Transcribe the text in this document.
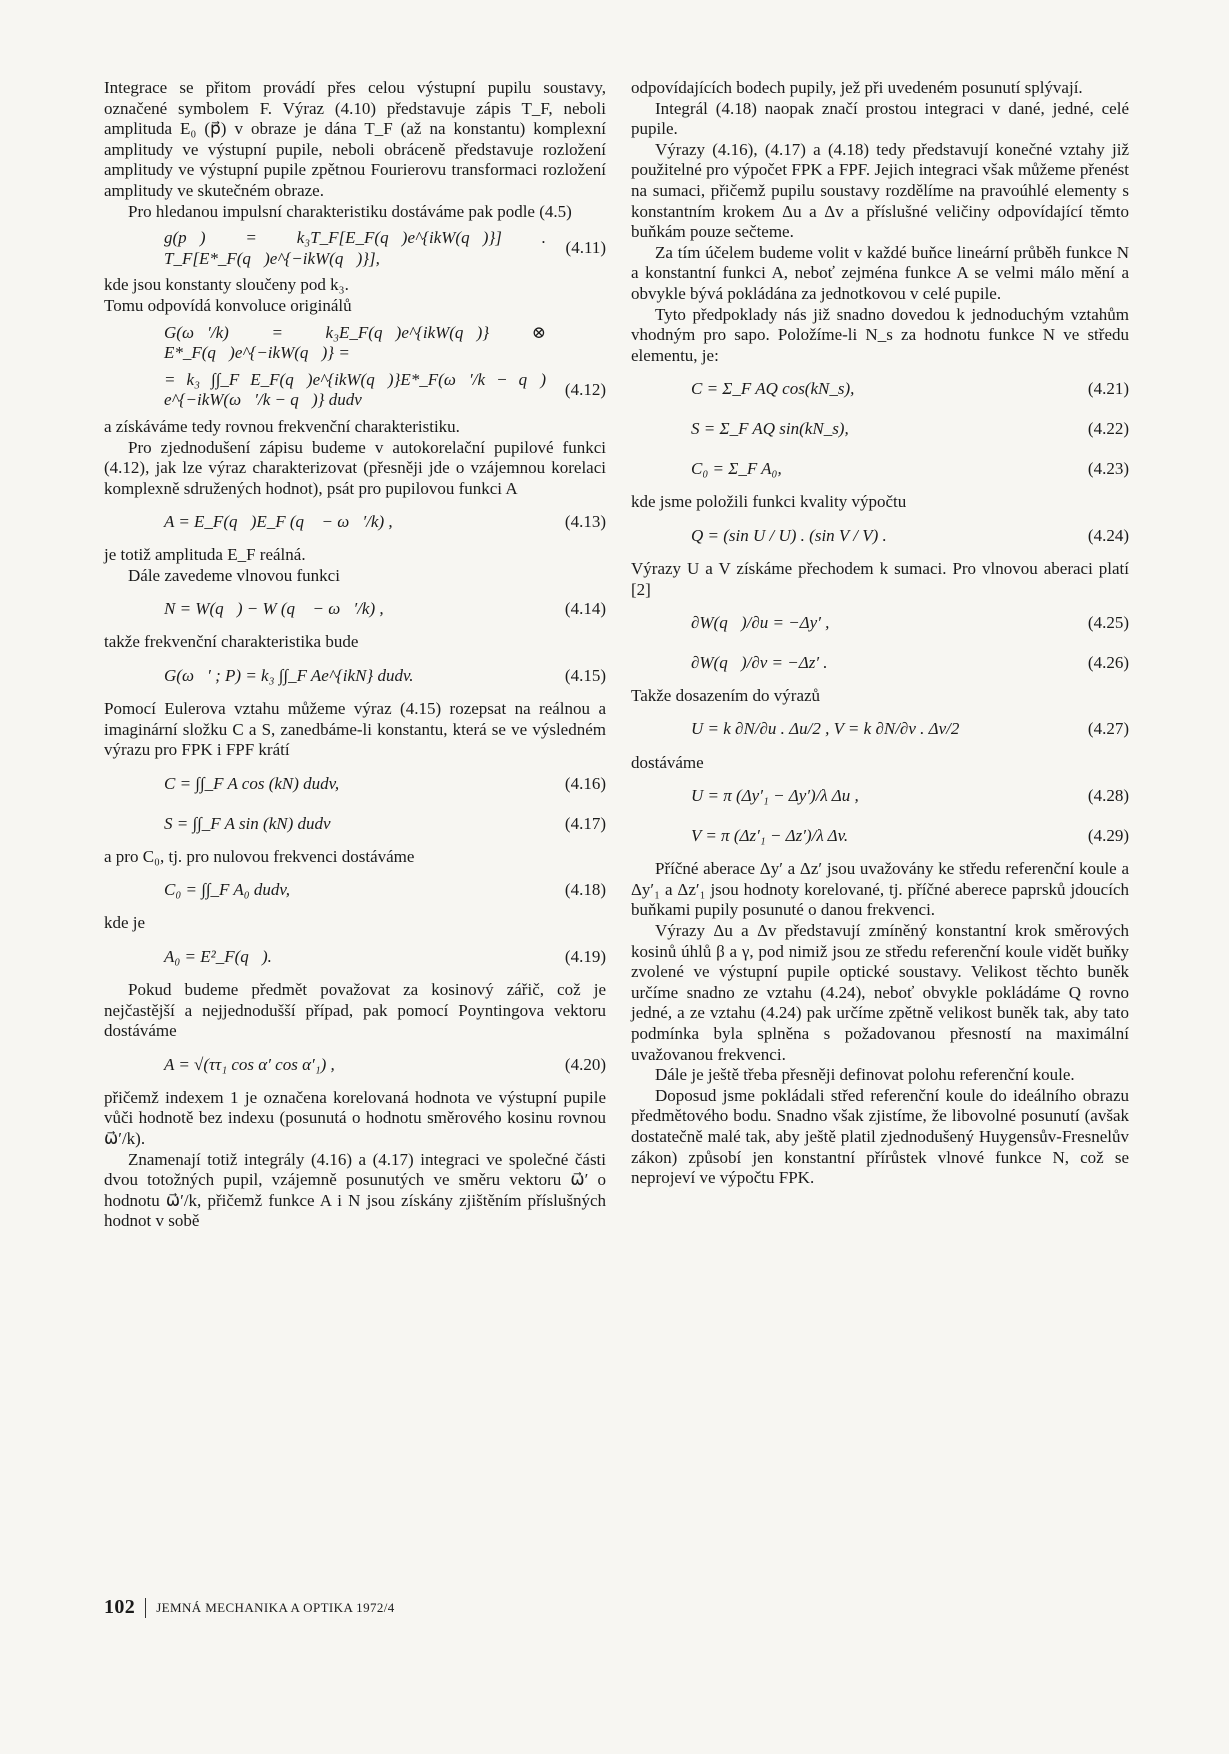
Integrace se přitom provádí přes celou výstupní pupilu soustavy, označené symbolem F. Výraz (4.10) představuje zápis T_F, neboli amplituda E₀ (p⃗) v obraze je dána T_F (až na konstantu) komplexní amplitudy ve výstupní pupile, neboli obráceně představuje rozložení amplitudy ve výstupní pupile zpětnou Fourierovu transformaci rozložení amplitudy ve skutečném obraze.

Pro hledanou impulsní charakteristiku dostáváme pak podle (4.5)

g(p⃗) = k₃T_F[E_F(q⃗)e^{ikW(q⃗)}] . T_F[E*_F(q⃗)e^{−ikW(q⃗)}],
(4.11)

kde jsou konstanty sloučeny pod k₃.

Tomu odpovídá konvoluce originálů

G(ω⃗′/k) = k₃E_F(q⃗)e^{ikW(q⃗)} ⊗ E*_F(q⃗)e^{−ikW(q⃗)} =
= k₃ ∫∫_F E_F(q⃗)e^{ikW(q⃗)}E*_F(ω⃗′/k − q⃗) e^{−ikW(ω⃗′/k − q⃗)} dudv
(4.12)

a získáváme tedy rovnou frekvenční charakteristiku.

Pro zjednodušení zápisu budeme v autokorelační pupilové funkci (4.12), jak lze výraz charakterizovat (přesněji jde o vzájemnou korelaci komplexně sdružených hodnot), psát pro pupilovou funkci A

A = E_F(q⃗)E_F (q⃗ − ω⃗′/k) ,	(4.13)

je totiž amplituda E_F reálná.

Dále zavedeme vlnovou funkci

N = W(q⃗) − W (q⃗ − ω⃗′/k) ,	(4.14)

takže frekvenční charakteristika bude

G(ω⃗′ ; P) = k₃ ∫∫_F Ae^{ikN} dudv.	(4.15)

Pomocí Eulerova vztahu můžeme výraz (4.15) rozepsat na reálnou a imaginární složku C a S, zanedbáme-li konstantu, která se ve výsledném výrazu pro FPK i FPF krátí

C = ∫∫_F A cos (kN) dudv,	(4.16)
S = ∫∫_F A sin (kN) dudv	(4.17)

a pro C₀, tj. pro nulovou frekvenci dostáváme

C₀ = ∫∫_F A₀ dudv,	(4.18)

kde je

A₀ = E²_F(q⃗).	(4.19)

Pokud budeme předmět považovat za kosinový zářič, což je nejčastější a nejjednodušší případ, pak pomocí Poyntingova vektoru dostáváme

A = √(ττ₁ cos α′ cos α′₁) ,	(4.20)

přičemž indexem 1 je označena korelovaná hodnota ve výstupní pupile vůči hodnotě bez indexu (posunutá o hodnotu směrového kosinu rovnou ω⃗′/k).

Znamenají totiž integrály (4.16) a (4.17) integraci ve společné části dvou totožných pupil, vzájemně posunutých ve směru vektoru ω⃗′ o hodnotu ω⃗′/k, přičemž funkce A i N jsou získány zjištěním příslušných hodnot v sobě

odpovídajících bodech pupily, jež při uvedeném posunutí splývají.

Integrál (4.18) naopak značí prostou integraci v dané, jedné, celé pupile.

Výrazy (4.16), (4.17) a (4.18) tedy představují konečné vztahy již použitelné pro výpočet FPK a FPF. Jejich integraci však můžeme přenést na sumaci, přičemž pupilu soustavy rozdělíme na pravoúhlé elementy s konstantním krokem Δu a Δv a příslušné veličiny odpovídající těmto buňkám pouze sečteme.

Za tím účelem budeme volit v každé buňce lineární průběh funkce N a konstantní funkci A, neboť zejména funkce A se velmi málo mění a obvykle bývá pokládána za jednotkovou v celé pupile.

Tyto předpoklady nás již snadno dovedou k jednoduchým vztahům vhodným pro sapo. Položíme-li N_s za hodnotu funkce N ve středu elementu, je:

C = Σ_F AQ cos(kN_s),	(4.21)
S = Σ_F AQ sin(kN_s),	(4.22)
C₀ = Σ_F A₀,	(4.23)

kde jsme položili funkci kvality výpočtu

Q = (sin U / U) . (sin V / V) .	(4.24)

Výrazy U a V získáme přechodem k sumaci. Pro vlnovou aberaci platí [2]

∂W(q⃗)/∂u = −Δy′ ,	(4.25)
∂W(q⃗)/∂v = −Δz′ .	(4.26)

Takže dosazením do výrazů

U = k ∂N/∂u . Δu/2 , V = k ∂N/∂v . Δv/2	(4.27)

dostáváme

U = π (Δy′₁ − Δy′)/λ Δu ,	(4.28)
V = π (Δz′₁ − Δz′)/λ Δv.	(4.29)

Příčné aberace Δy′ a Δz′ jsou uvažovány ke středu referenční koule a Δy′₁ a Δz′₁ jsou hodnoty korelované, tj. příčné aberece paprsků jdoucích buňkami pupily posunuté o danou frekvenci.

Výrazy Δu a Δv představují zmíněný konstantní krok směrových kosinů úhlů β a γ, pod nimiž jsou ze středu referenční koule vidět buňky zvolené ve výstupní pupile optické soustavy. Velikost těchto buněk určíme snadno ze vztahu (4.24), neboť obvykle pokládáme Q rovno jedné, a ze vztahu (4.24) pak určíme zpětně velikost buněk tak, aby tato podmínka byla splněna s požadovanou přesností na maximální uvažovanou frekvenci.

Dále je ještě třeba přesněji definovat polohu referenční koule.

Doposud jsme pokládali střed referenční koule do ideálního obrazu předmětového bodu. Snadno však zjistíme, že libovolné posunutí (avšak dostatečně malé tak, aby ještě platil zjednodušený Huygensův-Fresnelův zákon) způsobí jen konstantní přírůstek vlnové funkce N, což se neprojeví ve výpočtu FPK.

102 JEMNÁ MECHANIKA A OPTIKA 1972/4
